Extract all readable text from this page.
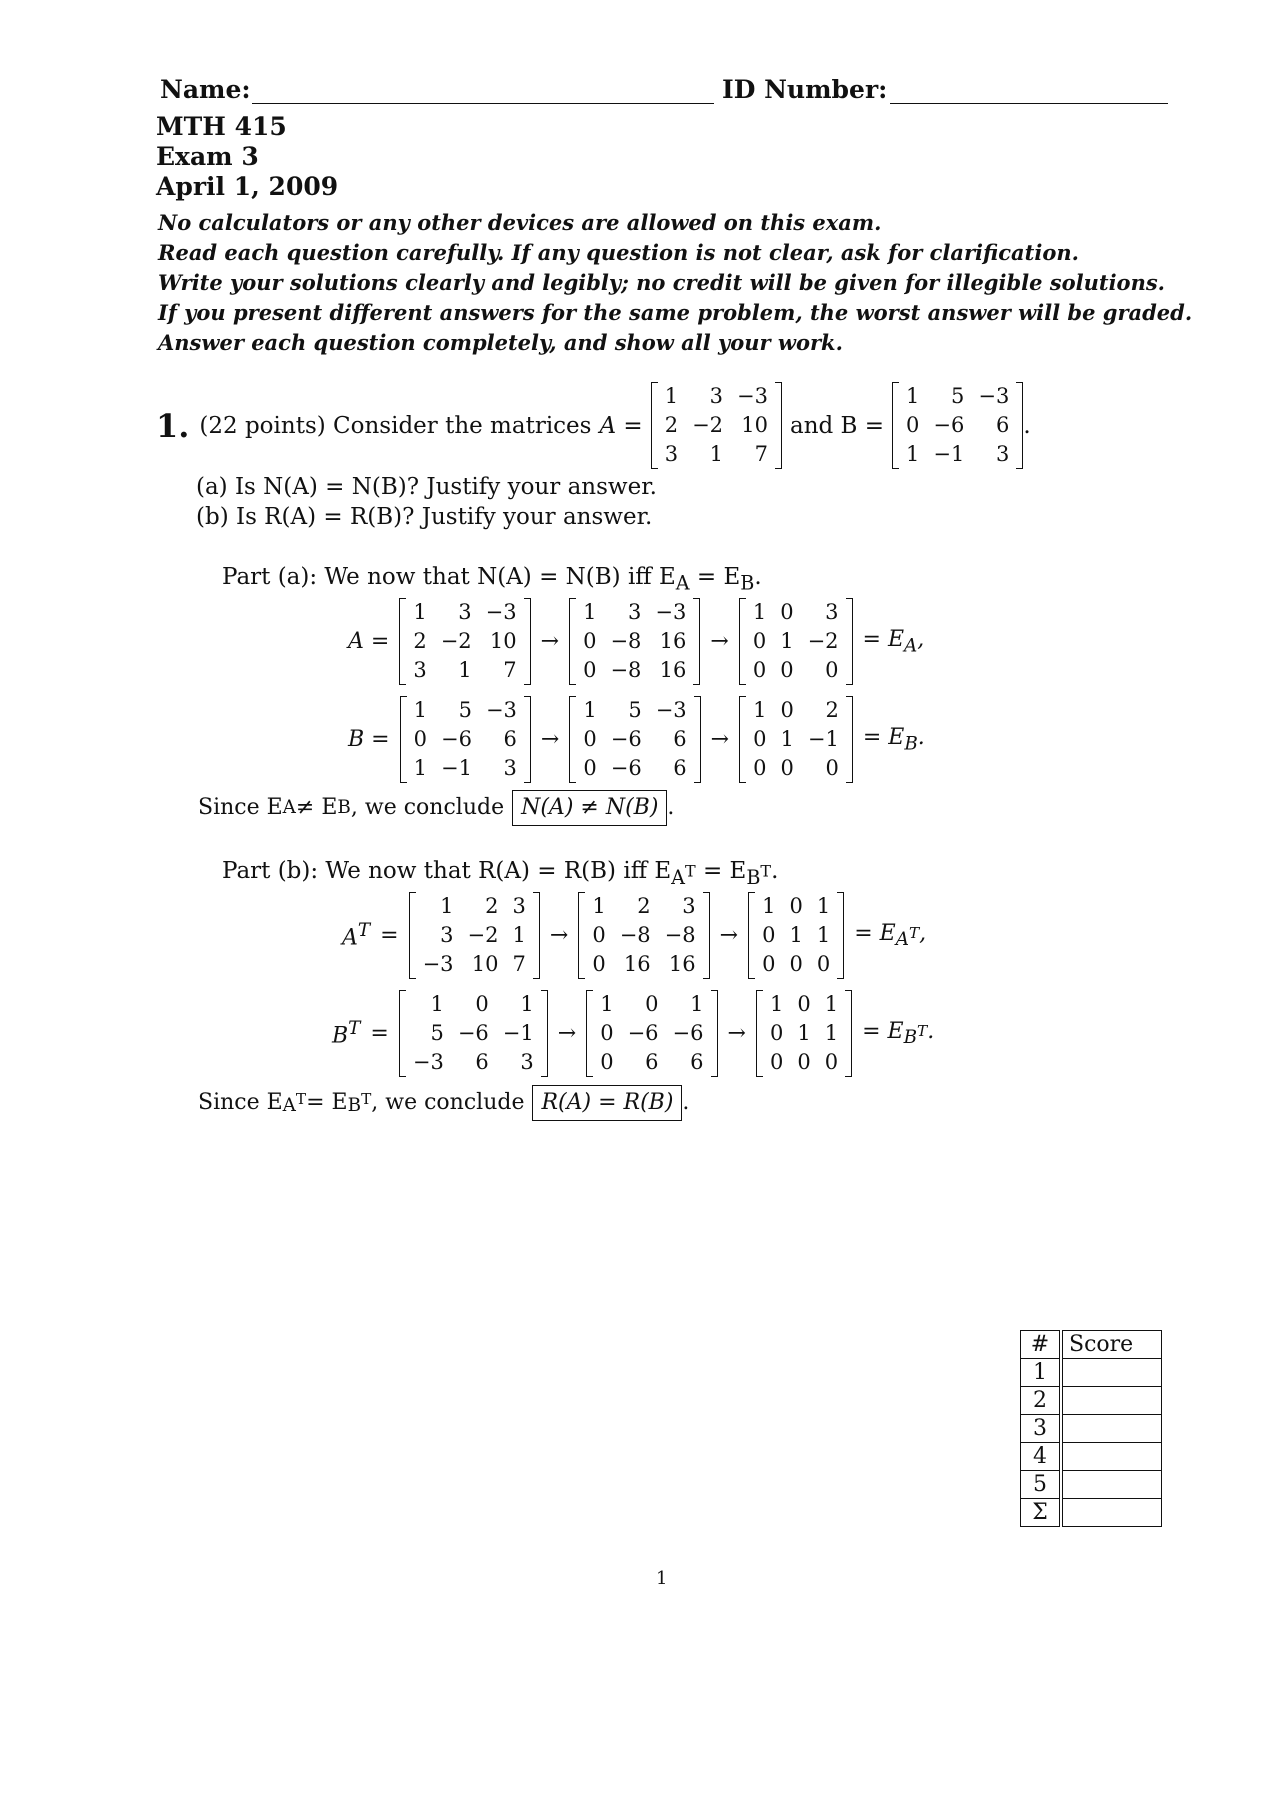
Name:	ID Number:
MTH 415
Exam 3
April 1, 2009
No calculators or any other devices are allowed on this exam.
Read each question carefully. If any question is not clear, ask for clarification.
Write your solutions clearly and legibly; no credit will be given for illegible solutions.
If you present different answers for the same problem, the worst answer will be graded.
Answer each question completely, and show all your work.
1. (22 points) Consider the matrices A =
1	3	−3
2	−2	10
3	1	7
and B =
1	5	−3
0	−6	6
1	−1	3
.
(a) Is N(A) = N(B)? Justify your answer.
(b) Is R(A) = R(B)? Justify your answer.
Part (a): We now that N(A) = N(B) iff $E_A = E_B$.
A =
1	3	−3
2	−2	10
3	1	7
→
1	3	−3
0	−8	16
0	−8	16
→
1	0	3
0	1	−2
0	0	0
= $E_A$,
B =
1	5	−3
0	−6	6
1	−1	3
→
1	5	−3
0	−6	6
0	−6	6
→
1	0	2
0	1	−1
0	0	0
= $E_B$.
Since E A ≠ E B , we conclude N(A) ≠ N(B) .
Part (b): We now that R(A) = R(B) iff $E_{A^T} = E_{B^T}$.
$A^T$ =
1	2	3
3	−2	1
−3	10	7
→
1	2	3
0	−8	−8
0	16	16
→
1	0	1
0	1	1
0	0	0
= $E_{A^T}$,
$B^T$ =
1	0	1
5	−6	−1
−3	6	3
→
1	0	1
0	−6	−6
0	6	6
→
1	0	1
0	1	1
0	0	0
= $E_{B^T}$.
Since E $A^T = E$ $B^T$ , we conclude R(A) = R(B) .
#	Score
1	
2	
3	
4	
5	
Σ	
1
